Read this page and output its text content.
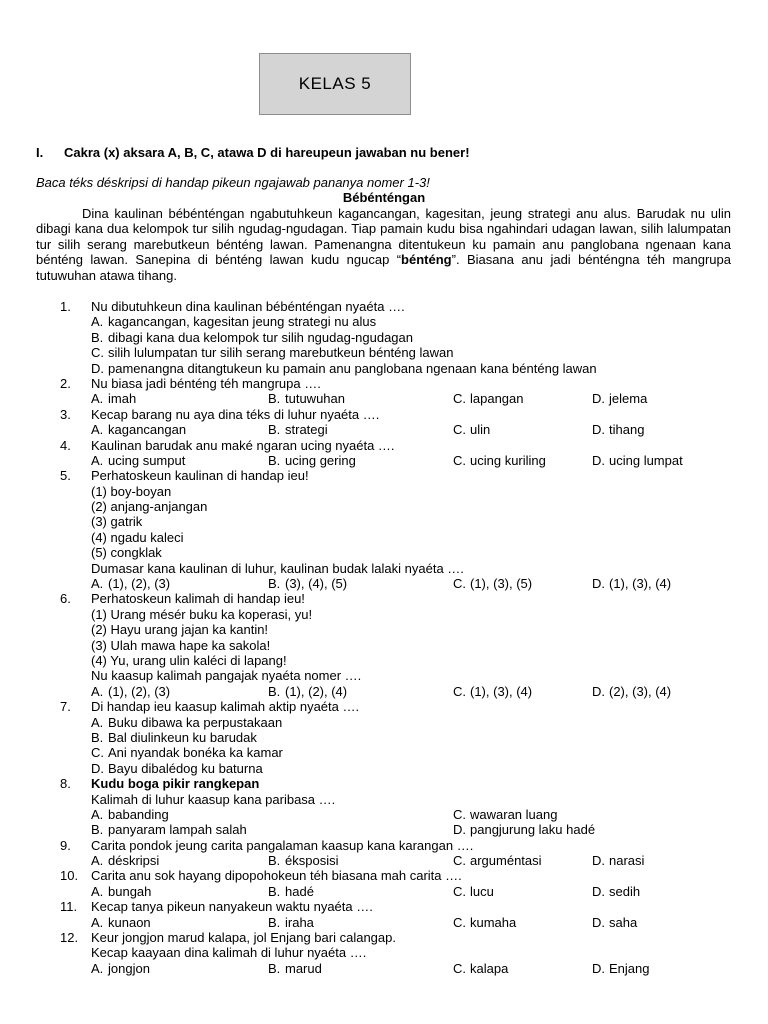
KELAS 5
I. Cakra (x) aksara A, B, C, atawa D di hareupeun jawaban nu bener!
Baca téks déskripsi di handap pikeun ngajawab pananya nomer 1-3!
Bébénténgan
Dina kaulinan bébénténgan ngabutuhkeun kagancangan, kagesitan, jeung strategi anu alus. Barudak nu ulin dibagi kana dua kelompok tur silih ngudag-ngudagan. Tiap pamain kudu bisa ngahindari udagan lawan, silih lalumpatan tur silih serang marebutkeun bénténg lawan. Pamenangna ditentukeun ku pamain anu panglobana ngenaan kana bénténg lawan. Sanepina di bénténg lawan kudu ngucap “bénténg”. Biasana anu jadi bénténgna téh mangrupa tutuwuhan atawa tihang.
1.	Nu dibutuhkeun dina kaulinan bébénténgan nyaéta ….
A. kagancangan, kagesitan jeung strategi nu alus
B. dibagi kana dua kelompok tur silih ngudag-ngudagan
C. silih lulumpatan tur silih serang marebutkeun bénténg lawan
D. pamenangna ditangtukeun ku pamain anu panglobana ngenaan kana bénténg lawan
2.	Nu biasa jadi bénténg téh mangrupa ….
A. imah	B. tutuwuhan	C. lapangan	D. jelema
3.	Kecap barang nu aya dina téks di luhur nyaéta ….
A. kagancangan	B. strategi	C. ulin	D. tihang
4.	Kaulinan barudak anu maké ngaran ucing nyaéta ….
A. ucing sumput	B. ucing gering	C. ucing kuriling	D. ucing lumpat
5.	Perhatoskeun kaulinan di handap ieu!
(1) boy-boyan
(2) anjang-anjangan
(3) gatrik
(4) ngadu kaleci
(5) congklak
Dumasar kana kaulinan di luhur, kaulinan budak lalaki nyaéta ….
A. (1), (2), (3)	B. (3), (4), (5)	C. (1), (3), (5)	D. (1), (3), (4)
6.	Perhatoskeun kalimah di handap ieu!
(1) Urang mésér buku ka koperasi, yu!
(2) Hayu urang jajan ka kantin!
(3) Ulah mawa hape ka sakola!
(4) Yu, urang ulin kaléci di lapang!
Nu kaasup kalimah pangajak nyaéta nomer ….
A. (1), (2), (3)	B. (1), (2), (4)	C. (1), (3), (4)	D. (2), (3), (4)
7.	Di handap ieu kaasup kalimah aktip nyaéta ….
A. Buku dibawa ka perpustakaan
B. Bal diulinkeun ku barudak
C. Ani nyandak bonéka ka kamar
D. Bayu dibalédog ku baturna
8.	Kudu boga pikir rangkepan
Kalimah di luhur kaasup kana paribasa ….
A. babanding	C. wawaran luang
B. panyaram lampah salah	D. pangjurung laku hadé
9.	Carita pondok jeung carita pangalaman kaasup kana karangan ….
A. déskripsi	B. éksposisi	C. arguméntasi	D. narasi
10. Carita anu sok hayang dipopohokeun téh biasana mah carita ….
A. bungah	B. hadé	C. lucu	D. sedih
11.	Kecap tanya pikeun nanyakeun waktu nyaéta ….
A. kunaon	B. iraha	C. kumaha	D. saha
12. Keur jongjon marud kalapa, jol Enjang bari calangap.
Kecap kaayaan dina kalimah di luhur nyaéta ….
A. jongjon	B. marud	C. kalapa	D. Enjang
